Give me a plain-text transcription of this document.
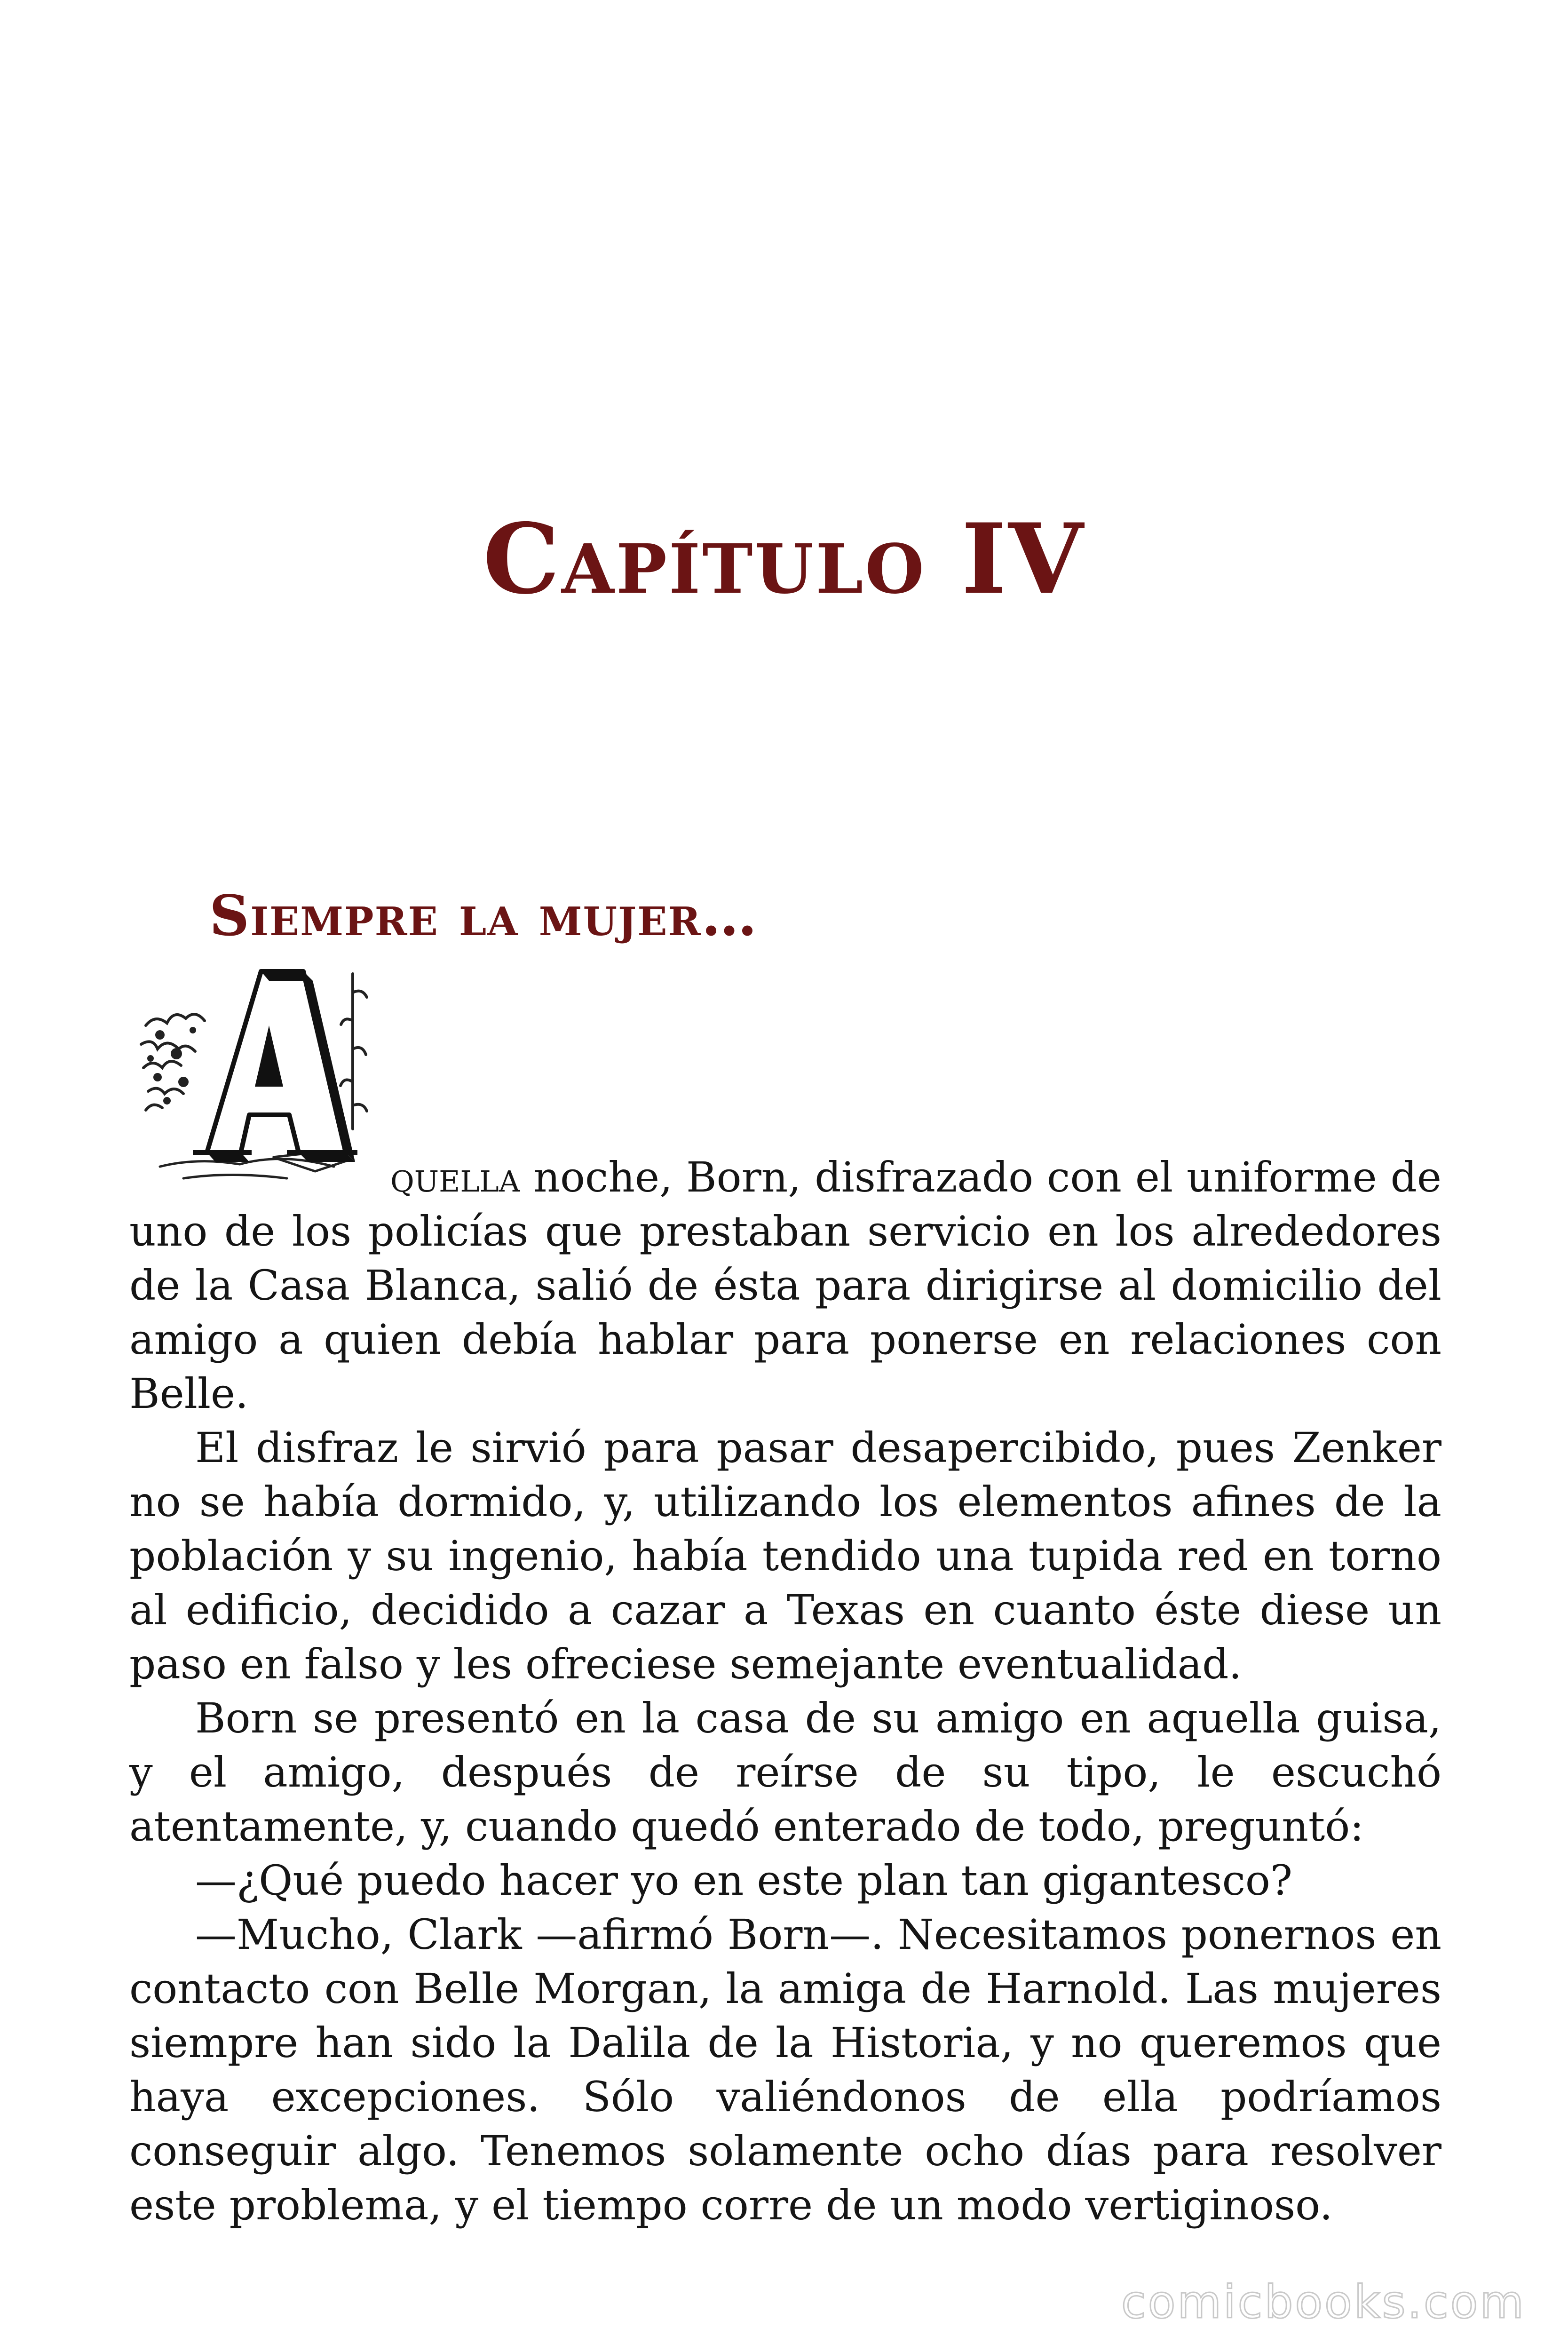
Capítulo IV
Siempre la mujer…

quella noche, Born, disfrazado con el uniforme de uno de los policías que prestaban servicio en los alrededores de la Casa Blanca, salió de ésta para dirigirse al domicilio del amigo a quien debía hablar para ponerse en relaciones con Belle.

El disfraz le sirvió para pasar desapercibido, pues Zenker no se había dormido, y, utilizando los elementos afines de la población y su ingenio, había tendido una tupida red en torno al edificio, decidido a cazar a Texas en cuanto éste diese un paso en falso y les ofreciese semejante eventualidad.

Born se presentó en la casa de su amigo en aquella guisa, y el amigo, después de reírse de su tipo, le escuchó atentamente, y, cuando quedó enterado de todo, preguntó:

—¿Qué puedo hacer yo en este plan tan gigantesco?

—Mucho, Clark —afirmó Born—. Necesitamos ponernos en contacto con Belle Morgan, la amiga de Harnold. Las mujeres siempre han sido la Dalila de la Historia, y no queremos que haya excepciones. Sólo valiéndonos de ella podríamos conseguir algo. Tenemos solamente ocho días para resolver este problema, y el tiempo corre de un modo vertiginoso.

comicbooks.com
